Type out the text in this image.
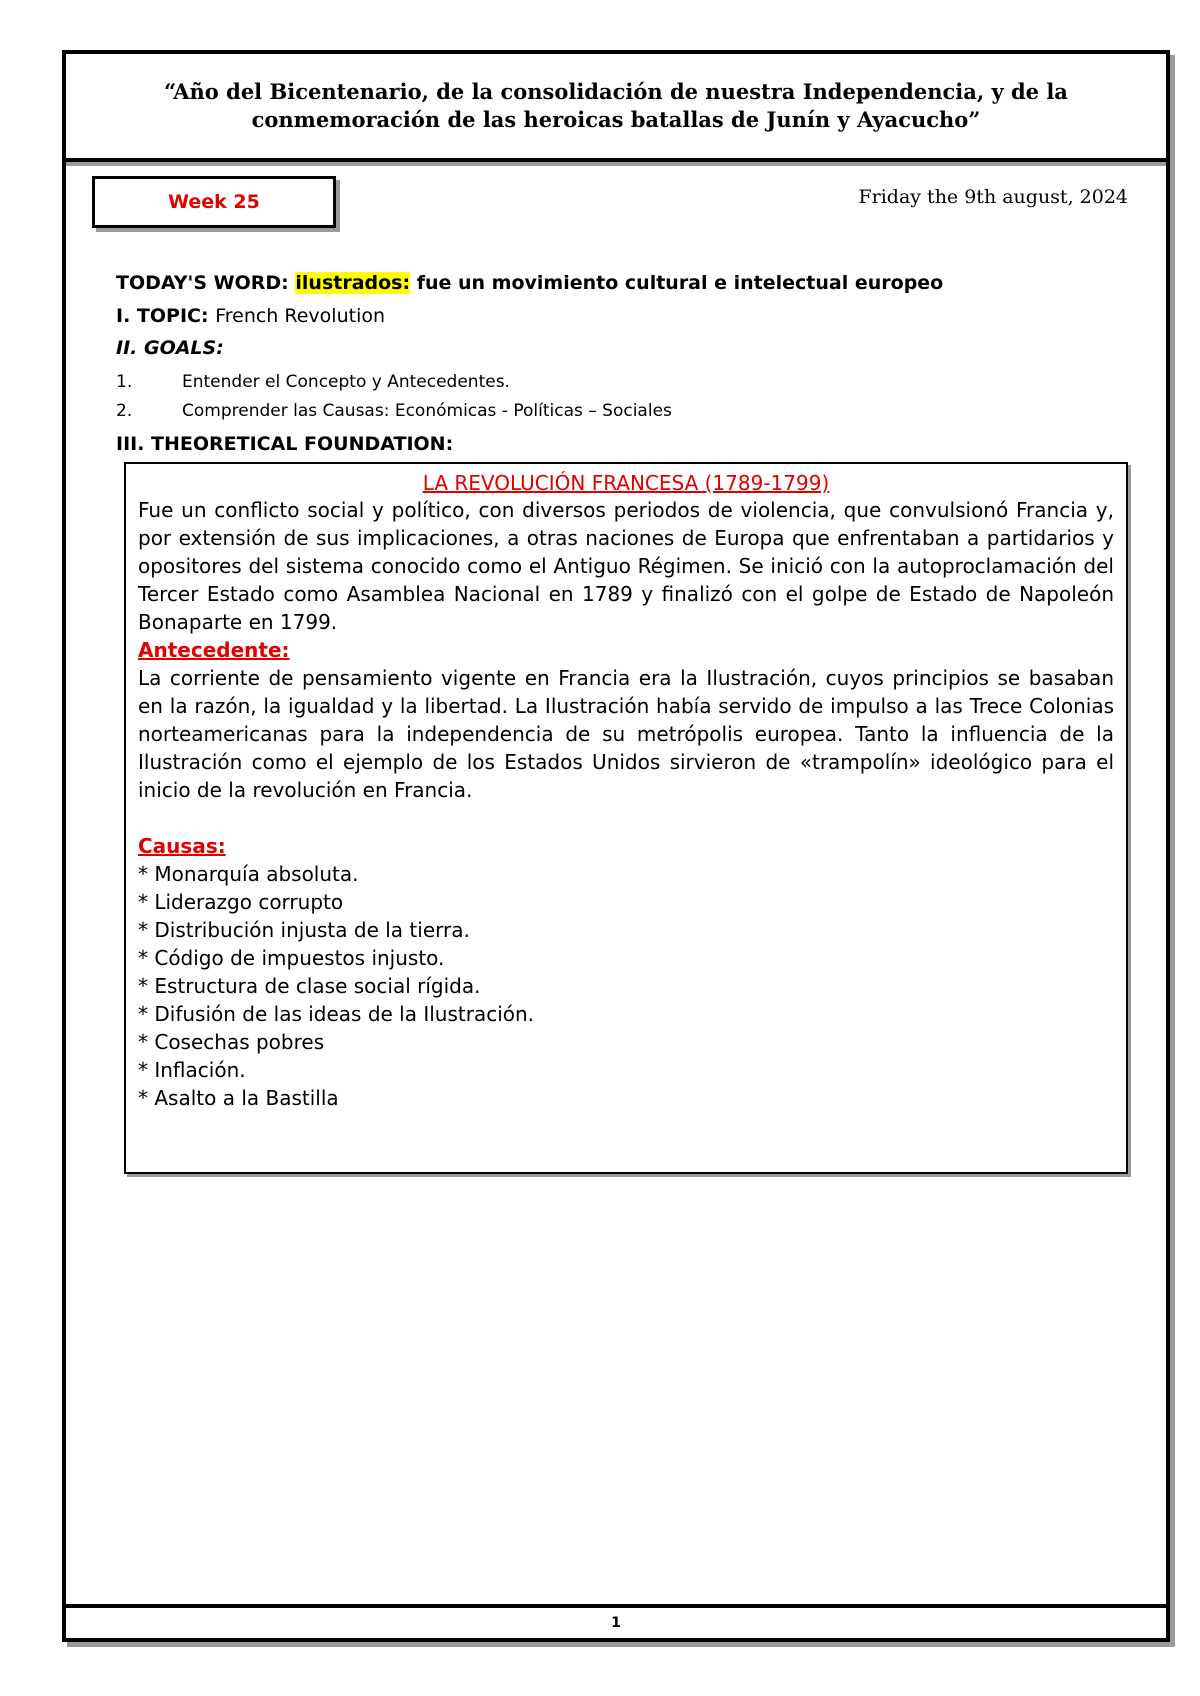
“Año del Bicentenario, de la consolidación de nuestra Independencia, y de la
conmemoración de las heroicas batallas de Junín y Ayacucho”
Week 25	Friday the 9th august, 2024
TODAY'S WORD: ilustrados: fue un movimiento cultural e intelectual europeo
I. TOPIC: French Revolution
II. GOALS:
1.	Entender el Concepto y Antecedentes.
2.	Comprender las Causas: Económicas - Políticas – Sociales
III. THEORETICAL FOUNDATION:
LA REVOLUCIÓN FRANCESA (1789-1799)

Fue un conflicto social y político, con diversos periodos de violencia, que convulsionó Francia y, por extensión de sus implicaciones, a otras naciones de Europa que enfrentaban a partidarios y opositores del sistema conocido como el Antiguo Régimen. Se inició con la autoproclamación del Tercer Estado como Asamblea Nacional en 1789 y finalizó con el golpe de Estado de Napoleón Bonaparte en 1799.

Antecedente:

La corriente de pensamiento vigente en Francia era la Ilustración, cuyos principios se basaban en la razón, la igualdad y la libertad. La Ilustración había servido de impulso a las Trece Colonias norteamericanas para la independencia de su metrópolis europea. Tanto la influencia de la Ilustración como el ejemplo de los Estados Unidos sirvieron de «trampolín» ideológico para el inicio de la revolución en Francia.

Causas:

* Monarquía absoluta.
* Liderazgo corrupto
* Distribución injusta de la tierra.
* Código de impuestos injusto.
* Estructura de clase social rígida.
* Difusión de las ideas de la Ilustración.
* Cosechas pobres
* Inflación.
* Asalto a la Bastilla
1
